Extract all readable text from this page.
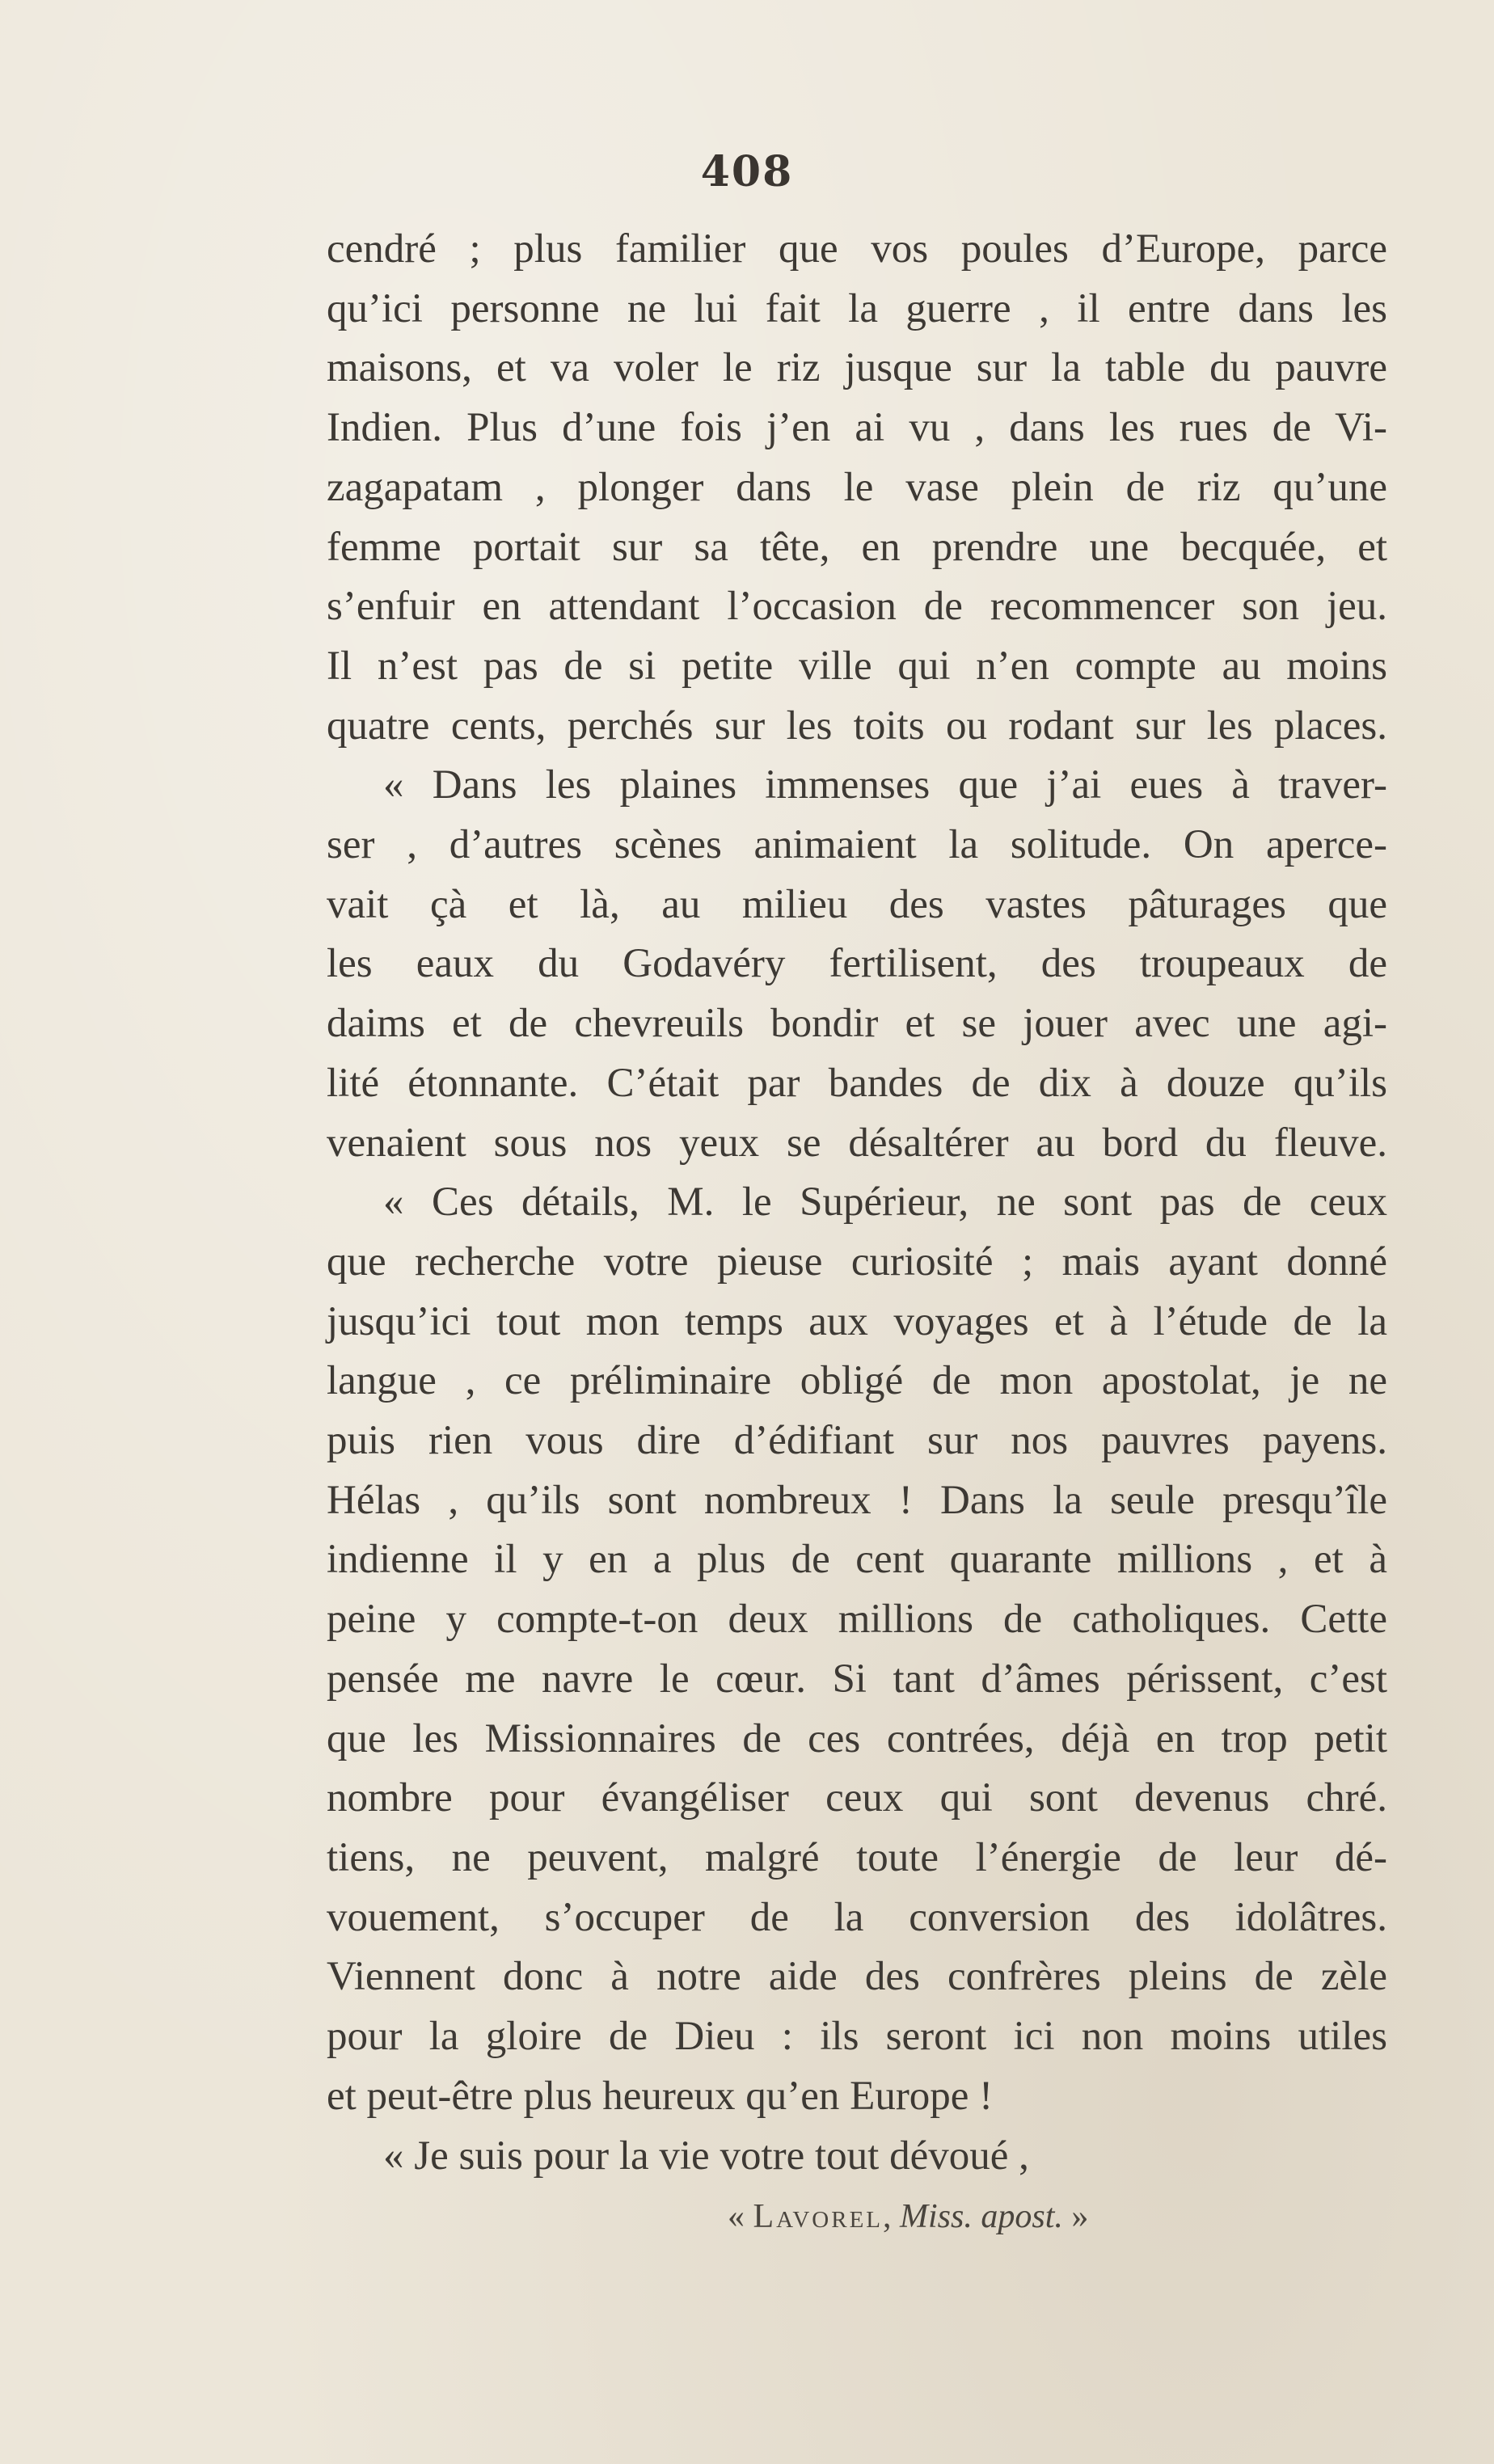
408
cendré ; plus familier que vos poules d’Europe, parce
qu’ici personne ne lui fait la guerre , il entre dans les
maisons, et va voler le riz jusque sur la table du pauvre
Indien. Plus d’une fois j’en ai vu , dans les rues de Vi-
zagapatam , plonger dans le vase plein de riz qu’une
femme portait sur sa tête, en prendre une becquée, et
s’enfuir en attendant l’occasion de recommencer son jeu.
Il n’est pas de si petite ville qui n’en compte au moins
quatre cents, perchés sur les toits ou rodant sur les places.
« Dans les plaines immenses que j’ai eues à traver-
ser , d’autres scènes animaient la solitude. On aperce-
vait çà et là, au milieu des vastes pâturages que
les eaux du Godavéry fertilisent, des troupeaux de
daims et de chevreuils bondir et se jouer avec une agi-
lité étonnante. C’était par bandes de dix à douze qu’ils
venaient sous nos yeux se désaltérer au bord du fleuve.
« Ces détails, M. le Supérieur, ne sont pas de ceux
que recherche votre pieuse curiosité ; mais ayant donné
jusqu’ici tout mon temps aux voyages et à l’étude de la
langue , ce préliminaire obligé de mon apostolat, je ne
puis rien vous dire d’édifiant sur nos pauvres payens.
Hélas , qu’ils sont nombreux ! Dans la seule presqu’île
indienne il y en a plus de cent quarante millions , et à
peine y compte-t-on deux millions de catholiques. Cette
pensée me navre le cœur. Si tant d’âmes périssent, c’est
que les Missionnaires de ces contrées, déjà en trop petit
nombre pour évangéliser ceux qui sont devenus chré.
tiens, ne peuvent, malgré toute l’énergie de leur dé-
vouement, s’occuper de la conversion des idolâtres.
Viennent donc à notre aide des confrères pleins de zèle
pour la gloire de Dieu : ils seront ici non moins utiles
et peut-être plus heureux qu’en Europe !
« Je suis pour la vie votre tout dévoué ,
« Lavorel, Miss. apost. »
